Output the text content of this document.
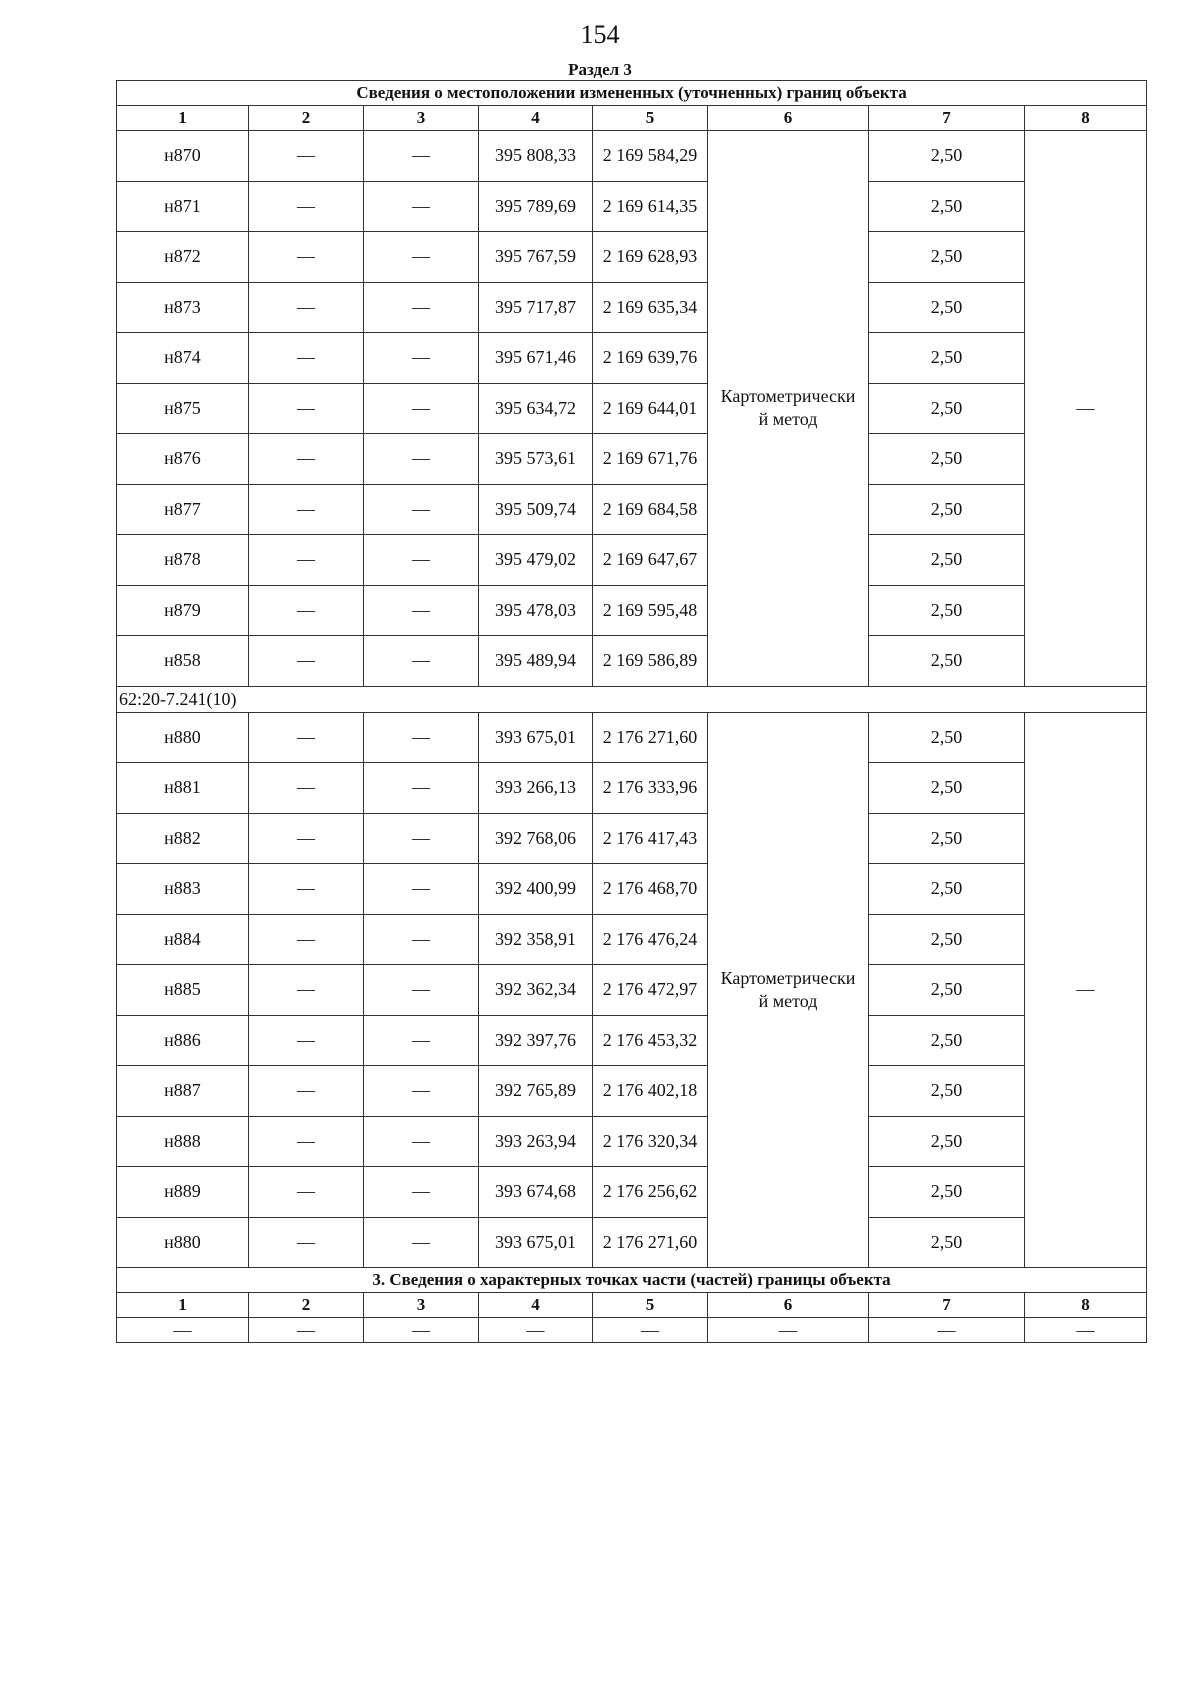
154
Раздел 3
Сведения о местоположении измененных (уточненных) границ объекта							
1	2	3	4	5	6	7	8
н870	—	—	395 808,33	2 169 584,29	Картометрически
й метод	2,50	—
н871	—	—	395 789,69	2 169 614,35		2,50	
н872	—	—	395 767,59	2 169 628,93		2,50	
н873	—	—	395 717,87	2 169 635,34		2,50	
н874	—	—	395 671,46	2 169 639,76		2,50	
н875	—	—	395 634,72	2 169 644,01		2,50	
н876	—	—	395 573,61	2 169 671,76		2,50	
н877	—	—	395 509,74	2 169 684,58		2,50	
н878	—	—	395 479,02	2 169 647,67		2,50	
н879	—	—	395 478,03	2 169 595,48		2,50	
н858	—	—	395 489,94	2 169 586,89		2,50	
62:20-7.241(10)							
н880	—	—	393 675,01	2 176 271,60	Картометрически
й метод	2,50	—
н881	—	—	393 266,13	2 176 333,96		2,50	
н882	—	—	392 768,06	2 176 417,43		2,50	
н883	—	—	392 400,99	2 176 468,70		2,50	
н884	—	—	392 358,91	2 176 476,24		2,50	
н885	—	—	392 362,34	2 176 472,97		2,50	
н886	—	—	392 397,76	2 176 453,32		2,50	
н887	—	—	392 765,89	2 176 402,18		2,50	
н888	—	—	393 263,94	2 176 320,34		2,50	
н889	—	—	393 674,68	2 176 256,62		2,50	
н880	—	—	393 675,01	2 176 271,60		2,50	
3. Сведения о характерных точках части (частей) границы объекта							
1	2	3	4	5	6	7	8
—	—	—	—	—	—	—	—
